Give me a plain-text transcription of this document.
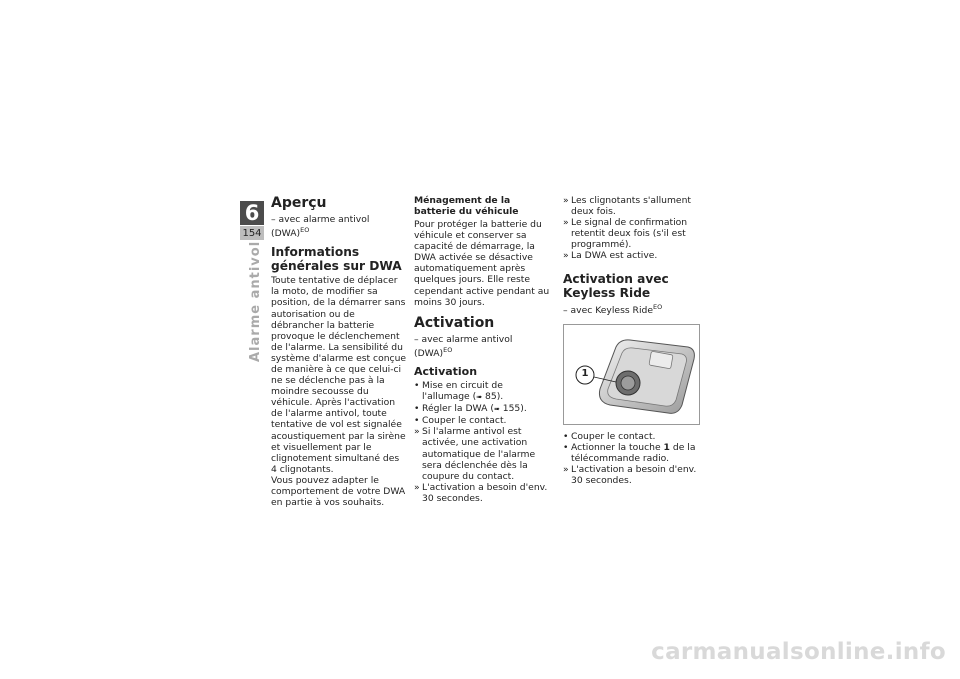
6
154
Alarme antivol
Aperçu
– avec alarme antivol (DWA)$^{EO}$
Informations générales sur DWA

Toute tentative de déplacer la moto, de modifier sa position, de la démarrer sans autorisation ou de débrancher la batterie provoque le déclenchement de l'alarme. La sensibilité du système d'alarme est conçue de manière à ce que celui-ci ne se déclenche pas à la moindre secousse du véhicule. Après l'activation de l'alarme antivol, toute tentative de vol est signalée acoustiquement par la sirène et visuellement par le clignotement simultané des 4 clignotants.

Vous pouvez adapter le comportement de votre DWA en partie à vos souhaits.

Ménagement de la batterie du véhicule

Pour protéger la batterie du véhicule et conserver sa capacité de démarrage, la DWA activée se désactive automatiquement après quelques jours. Elle reste cependant active pendant au moins 30 jours.

Activation
– avec alarme antivol (DWA)$^{EO}$
Activation
• Mise en circuit de l'allumage (➠ 85).
• Régler la DWA (➠ 155).
• Couper le contact.
» Si l'alarme antivol est activée, une activation automatique de l'alarme sera déclenchée dès la coupure du contact.
» L'activation a besoin d'env. 30 secondes.
» Les clignotants s'allument deux fois.
» Le signal de confirmation retentit deux fois (s'il est programmé).
» La DWA est active.
Activation avec Keyless Ride
– avec Keyless Ride$^{EO}$
1
• Couper le contact.
• Actionner la touche 1 de la télécommande radio.
» L'activation a besoin d'env. 30 secondes.
carmanualsonline.info
